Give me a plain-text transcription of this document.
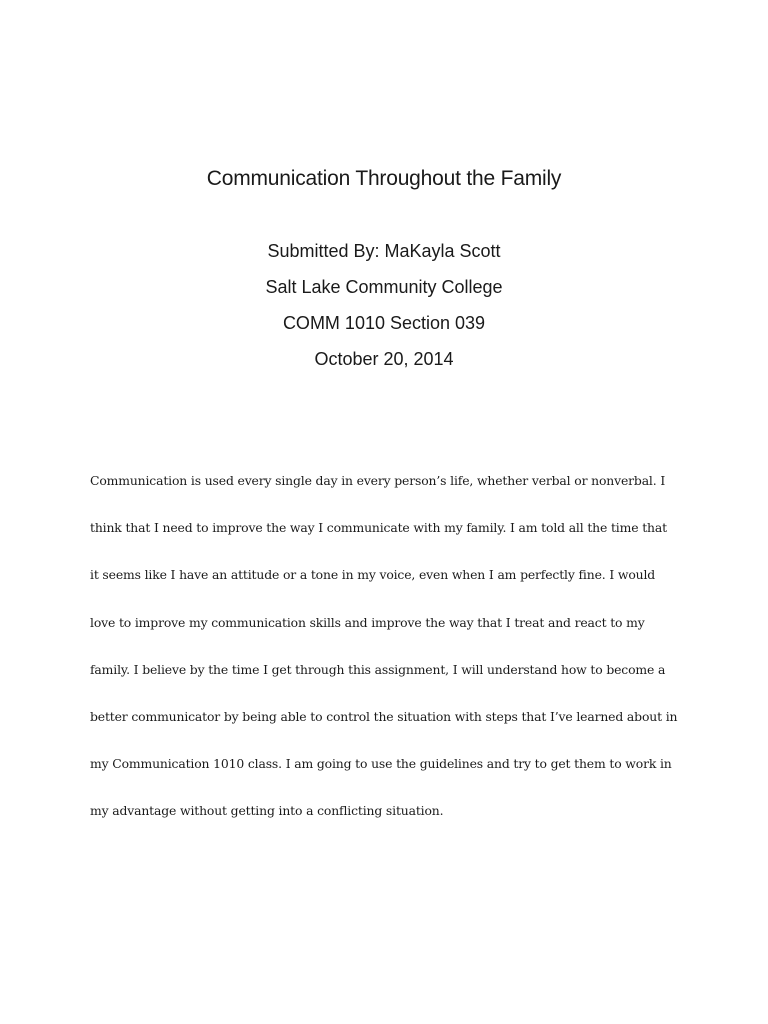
Communication Throughout the Family
Submitted By: MaKayla Scott
Salt Lake Community College
COMM 1010 Section 039
October 20, 2014
Communication is used every single day in every person’s life, whether verbal or nonverbal. I
think that I need to improve the way I communicate with my family. I am told all the time that
it seems like I have an attitude or a tone in my voice, even when I am perfectly fine. I would
love to improve my communication skills and improve the way that I treat and react to my
family. I believe by the time I get through this assignment, I will understand how to become a
better communicator by being able to control the situation with steps that I’ve learned about in
my Communication 1010 class. I am going to use the guidelines and try to get them to work in
my advantage without getting into a conflicting situation.
